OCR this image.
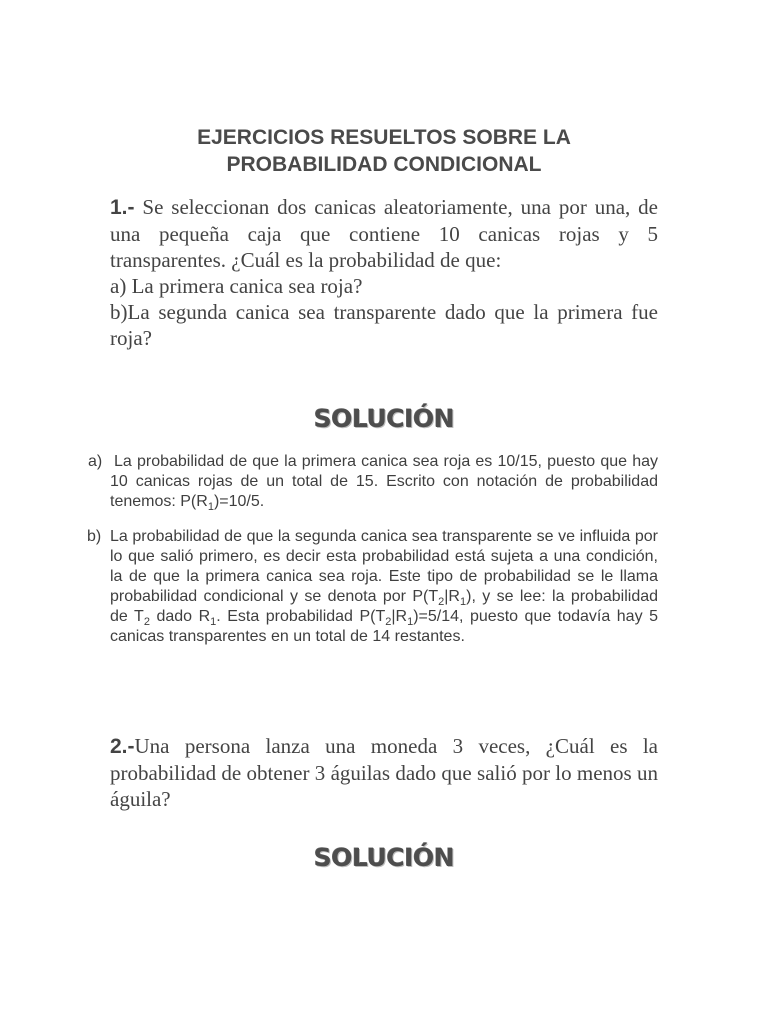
EJERCICIOS RESUELTOS SOBRE LA
PROBABILIDAD CONDICIONAL
1.- Se seleccionan dos canicas aleatoriamente, una por una, de una pequeña caja que contiene 10 canicas rojas y 5 transparentes. ¿Cuál es la probabilidad de que:
a) La primera canica sea roja?
b)La segunda canica sea transparente dado que la primera fue roja?
SOLUCIÓN
a) La probabilidad de que la primera canica sea roja es 10/15, puesto que hay 10 canicas rojas de un total de 15. Escrito con notación de probabilidad tenemos: $P(R_1)=10/5$.
b) La probabilidad de que la segunda canica sea transparente se ve influida por lo que salió primero, es decir esta probabilidad está sujeta a una condición, la de que la primera canica sea roja. Este tipo de probabilidad se le llama probabilidad condicional y se denota por $P(T_2|R_1)$, y se lee: la probabilidad de $T_2$ dado $R_1$. Esta probabilidad $P(T_2|R_1)=5/14$, puesto que todavía hay 5 canicas transparentes en un total de 14 restantes.
2.-Una persona lanza una moneda 3 veces, ¿Cuál es la probabilidad de obtener 3 águilas dado que salió por lo menos un águila?
SOLUCIÓN
